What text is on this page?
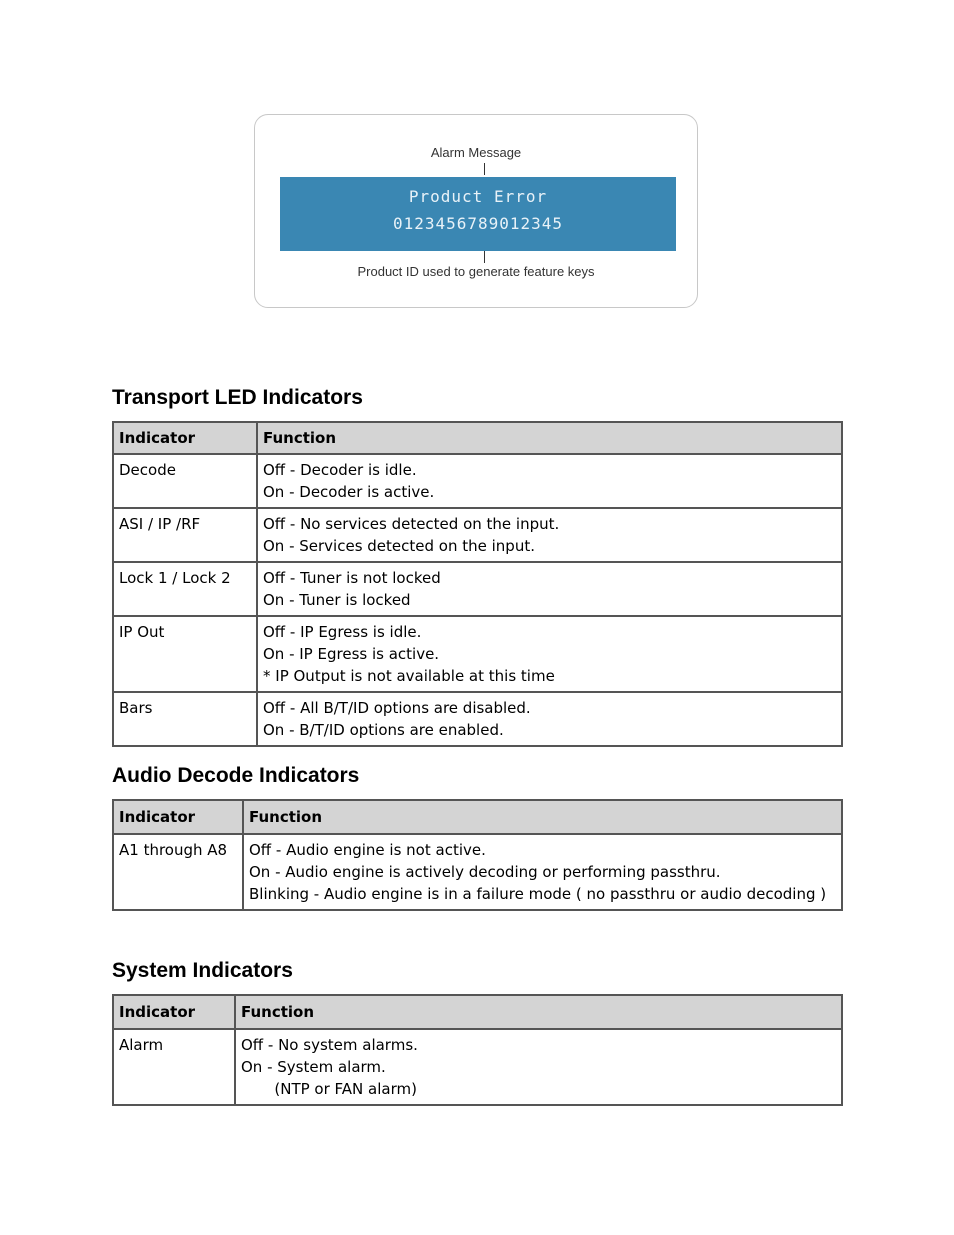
Alarm Message
Product Error
012345678901234​5
Product ID used to generate feature keys
Transport LED Indicators
Indicator	Function
Decode	Off - Decoder is idle.
On - Decoder is active.

ASI / IP /RF	Off - No services detected on the input.
On - Services detected on the input.

Lock 1 / Lock 2	Off - Tuner is not locked
On - Tuner is locked

IP Out	Off - IP Egress is idle.
On - IP Egress is active.
* IP Output is not available at this time

Bars	Off - All B/T/ID options are disabled.
On - B/T/ID options are enabled.
Audio Decode Indicators
Indicator	Function
A1 through A8	Off - Audio engine is not active.
On - Audio engine is actively decoding or performing passthru.
Blinking - Audio engine is in a failure mode ( no passthru or audio decoding )
System Indicators
Indicator	Function
Alarm	Off - No system alarms.
On - System alarm.
(NTP or FAN alarm)
